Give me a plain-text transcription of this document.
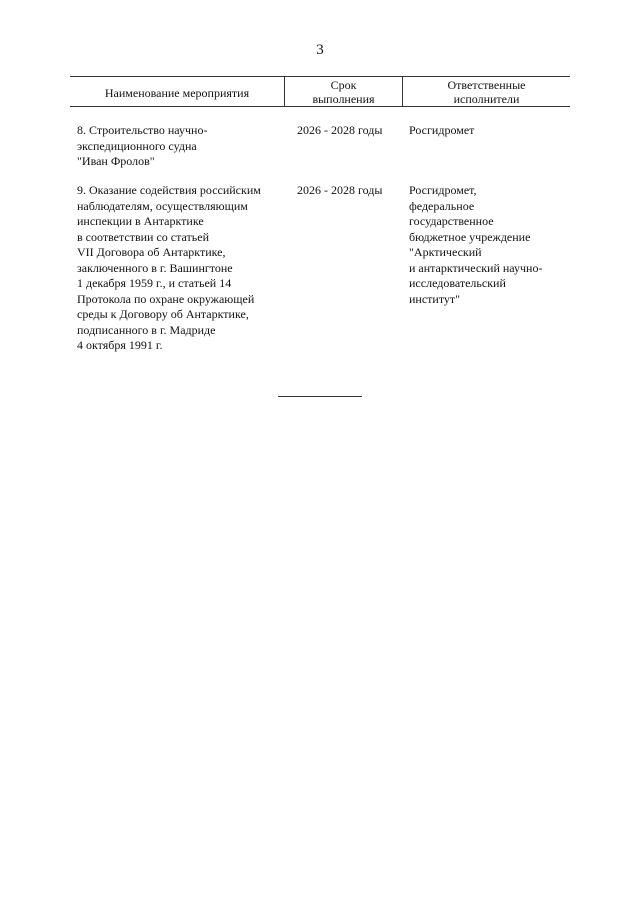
3
Наименование мероприятия
Срок
выполнения
Ответственные
исполнители
8. Строительство научно-
экспедиционного судна
"Иван Фролов"
2026 - 2028 годы Росгидромет
9. Оказание содействия российским
наблюдателям, осуществляющим
инспекции в Антарктике
в соответствии со статьей
VII Договора об Антарктике,
заключенного в г. Вашингтоне
1 декабря 1959 г., и статьей 14
Протокола по охране окружающей
среды к Договору об Антарктике,
подписанного в г. Мадриде
4 октября 1991 г.
2026 - 2028 годы Росгидромет,
федеральное
государственное
бюджетное учреждение
"Арктический
и антарктический научно-
исследовательский
институт"
